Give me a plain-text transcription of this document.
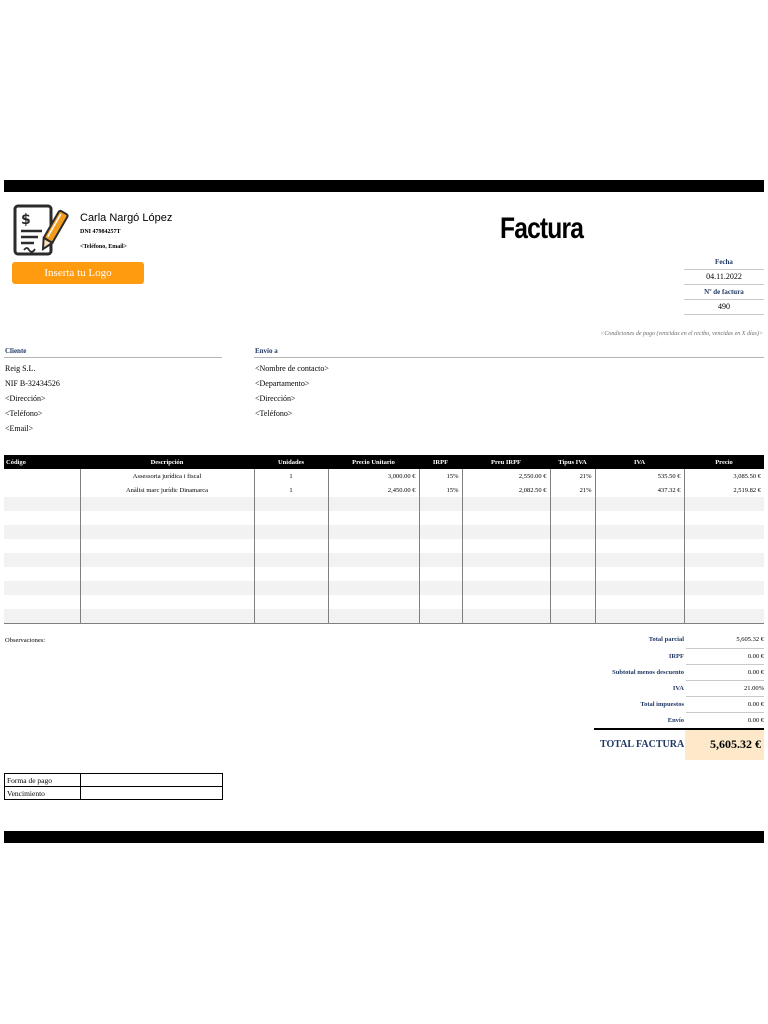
$	Carla Nargó López
DNI 47984257T
<Teléfono, Email>
Inserta tu Logo
Factura
Fecha
04.11.2022
Nº de factura
490
<Condiciones de pago (vencidas en el recibo, vencidas en X días)>
Cliente	Envío a
Reig S.L.
NIF B-32434526
<Dirección>
<Teléfono>
<Email>
<Nombre de contacto>
<Departamento>
<Dirección>
<Teléfono>
Código	Descripción	Unidades	Precio Unitario	IRPF	Preu IRPF	Tipus IVA	IVA	Precio
	Assessoria jurídica i fiscal	1	3,000.00 €	15%	2,550.00 €	21%	535.50 €	3,085.50 €
	Anàlisi marc jurídic Dinamarca	1	2,450.00 €	15%	2,082.50 €	21%	437.32 €	2,519.82 €

Observaciones:	Total parcial	5,605.32 €
IRPF	0.00 €
Subtotal menos descuento	0.00 €
IVA	21.00%
Total impuestos	0.00 €
Envío	0.00 €
TOTAL FACTURA	5,605.32 €
Forma de pago	
Vencimiento	
